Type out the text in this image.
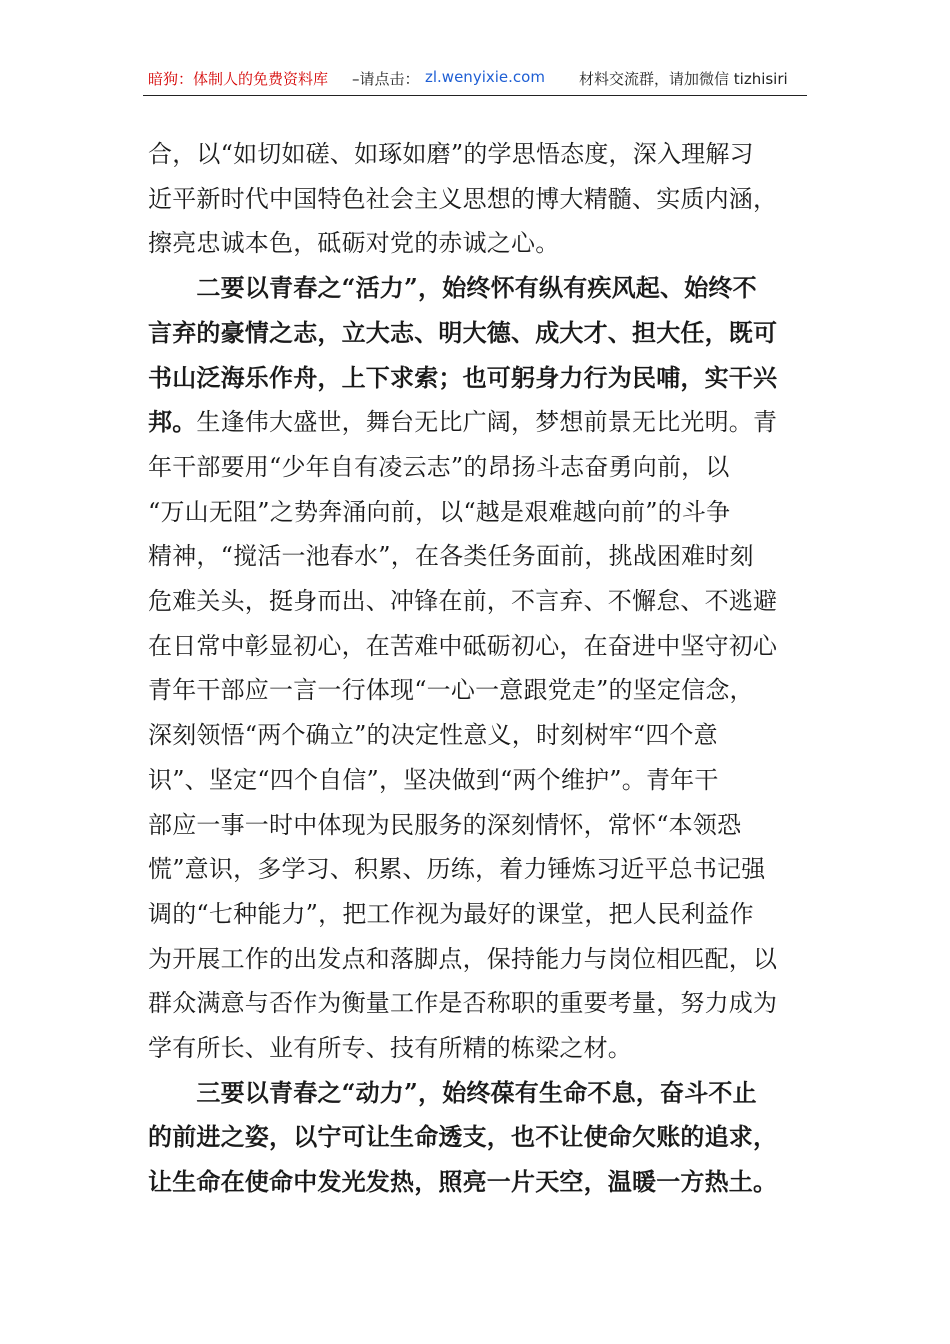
暗狗：体制人的免费资料库 –请点击： zl.wenyixie.com 材料交流群，请加微信 tizhisiri
合，以“如切如磋、如琢如磨”的学思悟态度，深入理解习
近平新时代中国特色社会主义思想的博大精髓、实质内涵，
擦亮忠诚本色，砥砺对党的赤诚之心。
　　二要以青春之“活力”，始终怀有纵有疾风起、始终不
言弃的豪情之志，立大志、明大德、成大才、担大任，既可
书山泛海乐作舟，上下求索；也可躬身力行为民哺，实干兴
邦。生逢伟大盛世，舞台无比广阔，梦想前景无比光明。青
年干部要用“少年自有凌云志”的昂扬斗志奋勇向前，以
“万山无阻”之势奔涌向前，以“越是艰难越向前”的斗争
精神，“搅活一池春水”，在各类任务面前，挑战困难时刻
危难关头，挺身而出、冲锋在前，不言弃、不懈怠、不逃避
在日常中彰显初心，在苦难中砥砺初心，在奋进中坚守初心
青年干部应一言一行体现“一心一意跟党走”的坚定信念，
深刻领悟“两个确立”的决定性意义，时刻树牢“四个意
识”、坚定“四个自信”，坚决做到“两个维护”。青年干
部应一事一时中体现为民服务的深刻情怀，常怀“本领恐
慌”意识，多学习、积累、历练，着力锤炼习近平总书记强
调的“七种能力”，把工作视为最好的课堂，把人民利益作
为开展工作的出发点和落脚点，保持能力与岗位相匹配，以
群众满意与否作为衡量工作是否称职的重要考量，努力成为
学有所长、业有所专、技有所精的栋梁之材。
　　三要以青春之“动力”，始终葆有生命不息，奋斗不止
的前进之姿，以宁可让生命透支，也不让使命欠账的追求，
让生命在使命中发光发热，照亮一片天空，温暖一方热土。
